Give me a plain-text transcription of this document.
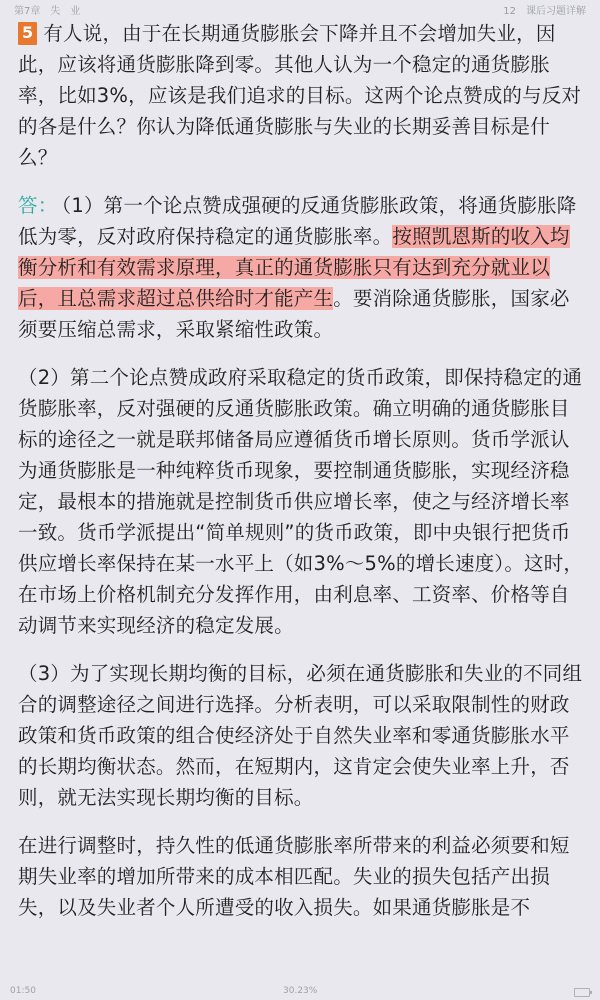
第7章　失　业	12　课后习题详解

5 有人说，由于在长期通货膨胀会下降并且不会增加失业，因此，应该将通货膨胀降到零。其他人认为一个稳定的通货膨胀率，比如3%，应该是我们追求的目标。这两个论点赞成的与反对的各是什么？你认为降低通货膨胀与失业的长期妥善目标是什么？

答： （1）第一个论点赞成强硬的反通货膨胀政策，将通货膨胀降低为零，反对政府保持稳定的通货膨胀率。按照凯恩斯的收入均衡分析和有效需求原理，真正的通货膨胀只有达到充分就业以后，且总需求超过总供给时才能产生。要消除通货膨胀，国家必须要压缩总需求，采取紧缩性政策。

（2）第二个论点赞成政府采取稳定的货币政策，即保持稳定的通货膨胀率，反对强硬的反通货膨胀政策。确立明确的通货膨胀目标的途径之一就是联邦储备局应遵循货币增长原则。货币学派认为通货膨胀是一种纯粹货币现象，要控制通货膨胀，实现经济稳定，最根本的措施就是控制货币供应增长率，使之与经济增长率一致。货币学派提出“简单规则”的货币政策，即中央银行把货币供应增长率保持在某一水平上（如3%～5%的增长速度）。这时，在市场上价格机制充分发挥作用，由利息率、工资率、价格等自动调节来实现经济的稳定发展。

（3）为了实现长期均衡的目标，必须在通货膨胀和失业的不同组合的调整途径之间进行选择。分析表明，可以采取限制性的财政政策和货币政策的组合使经济处于自然失业率和零通货膨胀水平的长期均衡状态。然而，在短期内，这肯定会使失业率上升，否则，就无法实现长期均衡的目标。

在进行调整时，持久性的低通货膨胀率所带来的利益必须要和短期失业率的增加所带来的成本相匹配。失业的损失包括产出损失，以及失业者个人所遭受的收入损失。如果通货膨胀是不

01:50	30.23%
